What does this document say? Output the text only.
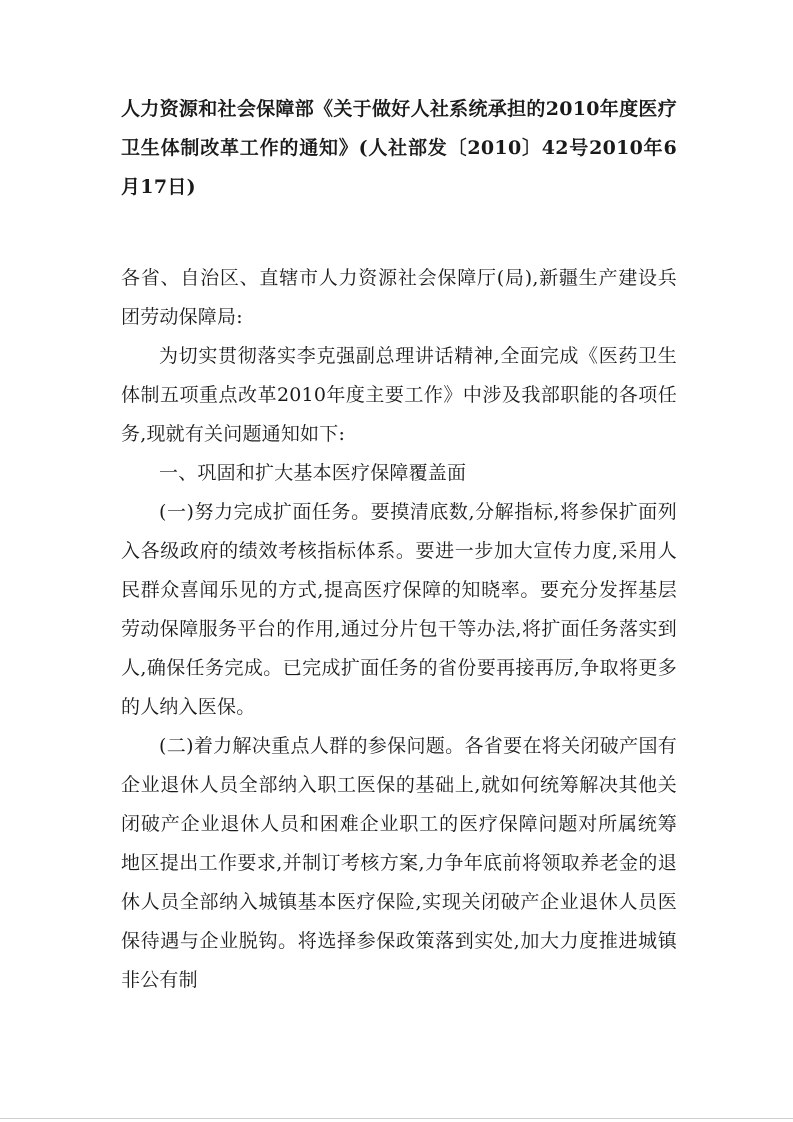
人力资源和社会保障部《关于做好人社系统承担的2010年度医疗卫生体制改革工作的通知》(人社部发〔2010〕42号2010年6月17日)

各省、自治区、直辖市人力资源社会保障厅(局),新疆生产建设兵团劳动保障局:

为切实贯彻落实李克强副总理讲话精神,全面完成《医药卫生体制五项重点改革2010年度主要工作》中涉及我部职能的各项任务,现就有关问题通知如下:

一、巩固和扩大基本医疗保障覆盖面

(一)努力完成扩面任务。要摸清底数,分解指标,将参保扩面列入各级政府的绩效考核指标体系。要进一步加大宣传力度,采用人民群众喜闻乐见的方式,提高医疗保障的知晓率。要充分发挥基层劳动保障服务平台的作用,通过分片包干等办法,将扩面任务落实到人,确保任务完成。已完成扩面任务的省份要再接再厉,争取将更多的人纳入医保。

(二)着力解决重点人群的参保问题。各省要在将关闭破产国有企业退休人员全部纳入职工医保的基础上,就如何统筹解决其他关闭破产企业退休人员和困难企业职工的医疗保障问题对所属统筹地区提出工作要求,并制订考核方案,力争年底前将领取养老金的退休人员全部纳入城镇基本医疗保险,实现关闭破产企业退休人员医保待遇与企业脱钩。将选择参保政策落到实处,加大力度推进城镇非公有制
